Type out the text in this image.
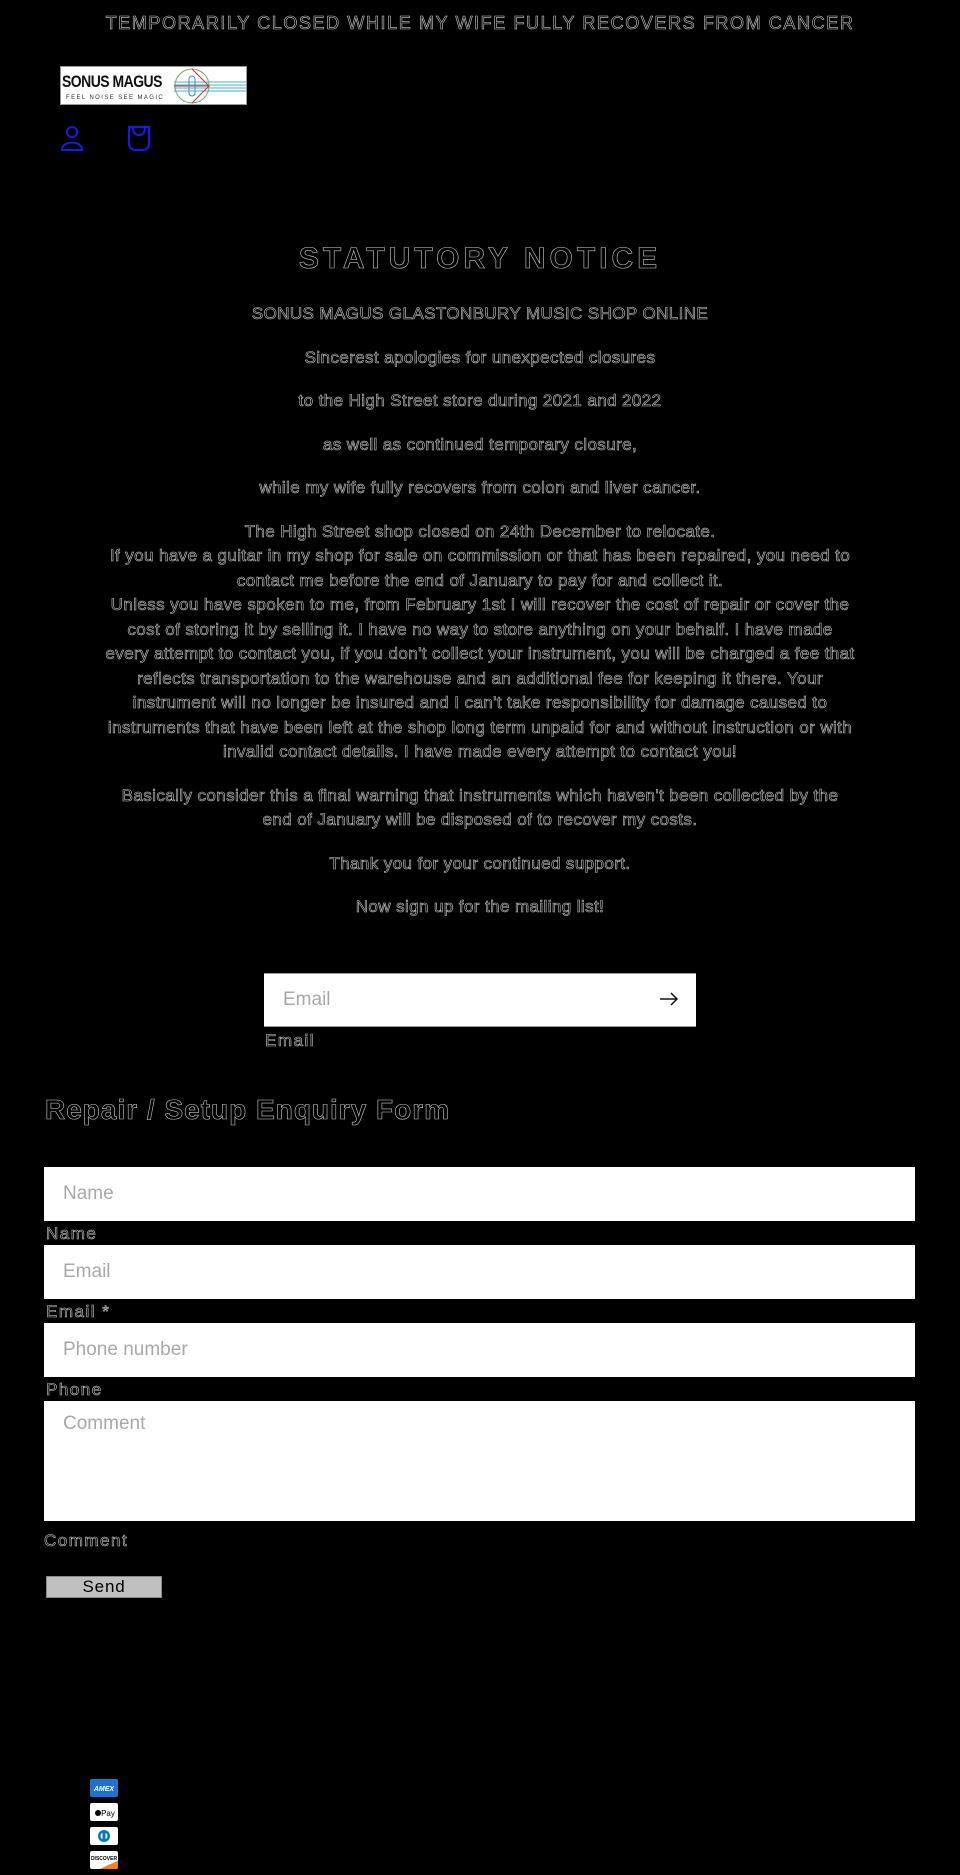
TEMPORARILY CLOSED WHILE MY WIFE FULLY RECOVERS FROM CANCER
SONUS MAGUS
FEEL NOISE SEE MAGIC
STATUTORY NOTICE

SONUS MAGUS GLASTONBURY MUSIC SHOP ONLINE

Sincerest apologies for unexpected closures

to the High Street store during 2021 and 2022

as well as continued temporary closure,

while my wife fully recovers from colon and liver cancer.

The High Street shop closed on 24th December to relocate.

If you have a guitar in my shop for sale on commission or that has been repaired, you need to contact me before the end of January to pay for and collect it.

Unless you have spoken to me, from February 1st I will recover the cost of repair or cover the cost of storing it by selling it. I have no way to store anything on your behalf. I have made every attempt to contact you, if you don't collect your instrument, you will be charged a fee that reflects transportation to the warehouse and an additional fee for keeping it there. Your instrument will no longer be insured and I can't take responsibility for damage caused to instruments that have been left at the shop long term unpaid for and without instruction or with invalid contact details. I have made every attempt to contact you!

Basically consider this a final warning that instruments which haven't been collected by the end of January will be disposed of to recover my costs.

Thank you for your continued support.

Now sign up for the mailing list!

Email
Email
Repair / Setup Enquiry Form
Name
Name
Email
Email *
Phone number
Phone
Comment
Comment
Send
AMEX
Pay
DISCOVER
